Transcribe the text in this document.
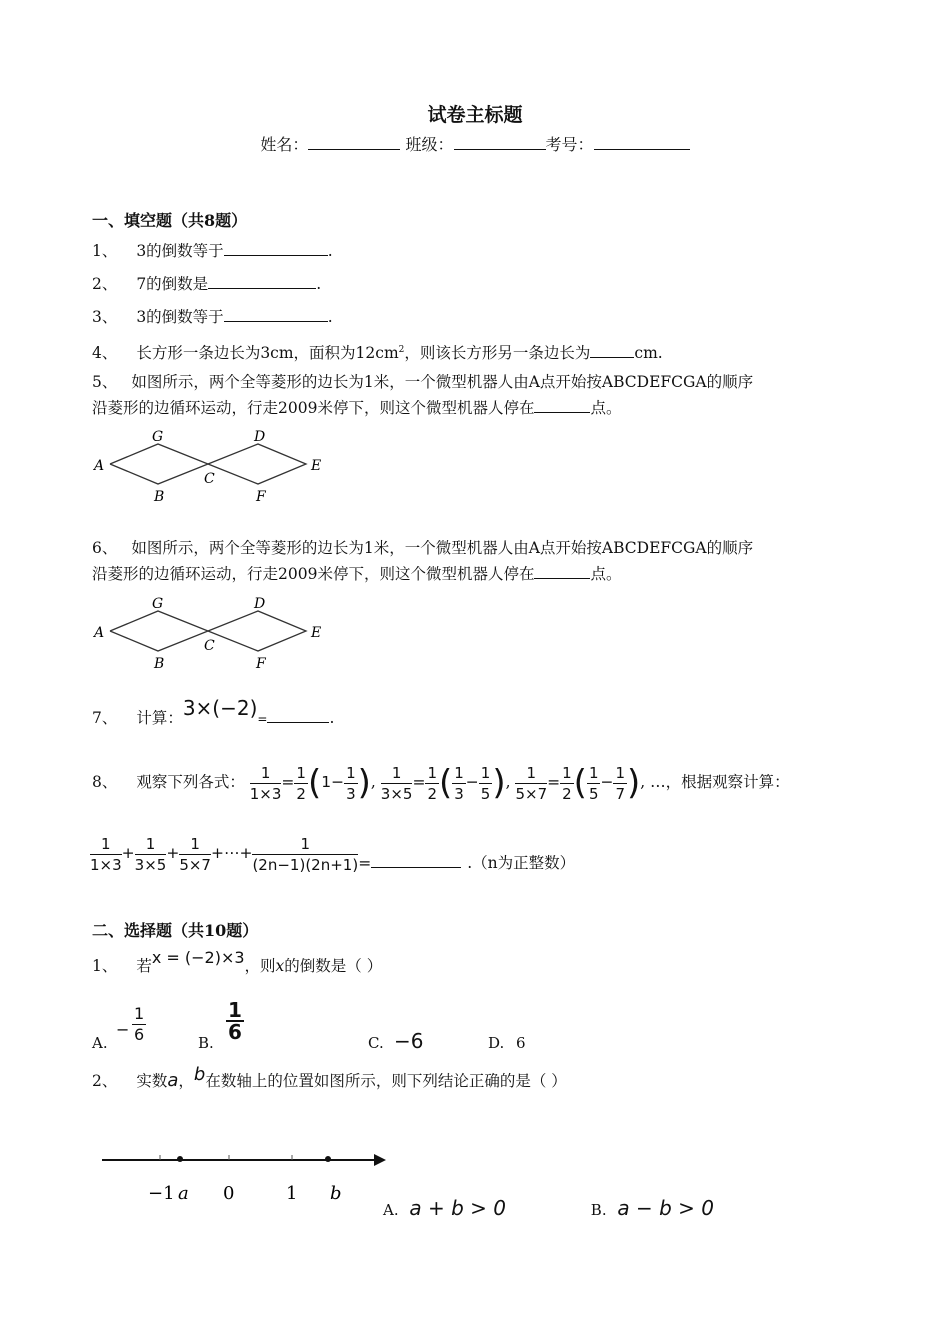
试卷主标题
姓名：	班级：	考号：
一、填空题（共8题）
1、 3的倒数等于	.
2、 7的倒数是	.
3、 3的倒数等于	.
4、 长方形一条边长为3cm，面积为$12cm^2$，则该长方形另一条边长为	cm.
5、 如图所示，两个全等菱形的边长为1米，一个微型机器人由A点开始按ABCDEFCGA的顺序
沿菱形的边循环运动，行走2009米停下，则这个微型机器人停在	点。
A
G
B
C
D
F
E
6、 如图所示，两个全等菱形的边长为1米，一个微型机器人由A点开始按ABCDEFCGA的顺序
沿菱形的边循环运动，行走2009米停下，则这个微型机器人停在	点。
A
G
B
C
D
F
E
7、 计算：3×(−2)=	.
8、 观察下列各式： $\frac{1}{1\times 3} = \frac{1}{2} (1- \frac{1}{3}$ ), $\frac{1}{3\times 5} = \frac{1}{2}$ ( $\frac{1}{3} - \frac{1}{5}$ ), $\frac{1}{5\times 7} = \frac{1}{2}$ ( $\frac{1}{5} - \frac{1}{7}$ ), …，根据观察计算：
$\frac{1}{1\times 3} + \frac{1}{3\times 5} + \frac{1}{5\times 7}$ +⋯+ $\frac{1}{(2n-1)(2n+1)}$ =	.（n为正整数）
二、选择题（共10题）
1、 若x = (−2)×3，则x的倒数是（ ）
A.
− $\frac{1}{6}$	B.
$\frac{1}{6}$
C. −6	D. 6
2、 实数a，b在数轴上的位置如图所示，则下列结论正确的是（ ）
−1 a 0	1 b
A. a + b > 0	B. a − b > 0
